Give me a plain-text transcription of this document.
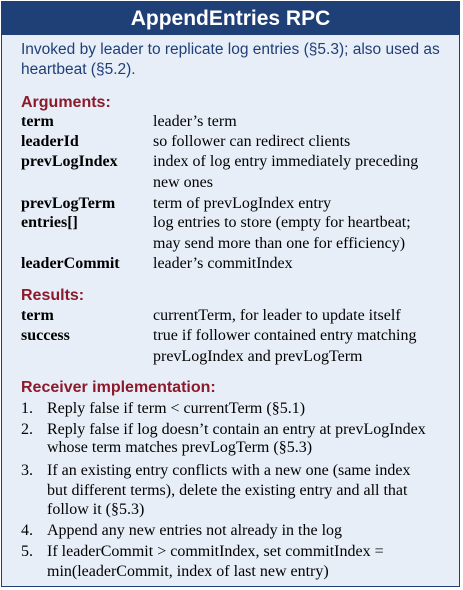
AppendEntries RPC
Invoked by leader to replicate log entries (§5.3); also used as
heartbeat (§5.2).
Arguments:
term	leader’s term
leaderId	so follower can redirect clients
prevLogIndex index of log entry immediately preceding
new ones
prevLogTerm term of prevLogIndex entry
entries[]	log entries to store (empty for heartbeat;
may send more than one for efficiency)
leaderCommit leader’s commitIndex
Results:
term	currentTerm, for leader to update itself
success	true if follower contained entry matching
prevLogIndex and prevLogTerm
Receiver implementation:
1. Reply false if term < currentTerm (§5.1)
2. Reply false if log doesn’t contain an entry at prevLogIndex
whose term matches prevLogTerm (§5.3)
3. If an existing entry conflicts with a new one (same index
but different terms), delete the existing entry and all that
follow it (§5.3)
4. Append any new entries not already in the log
5. If leaderCommit > commitIndex, set commitIndex =
min(leaderCommit, index of last new entry)
